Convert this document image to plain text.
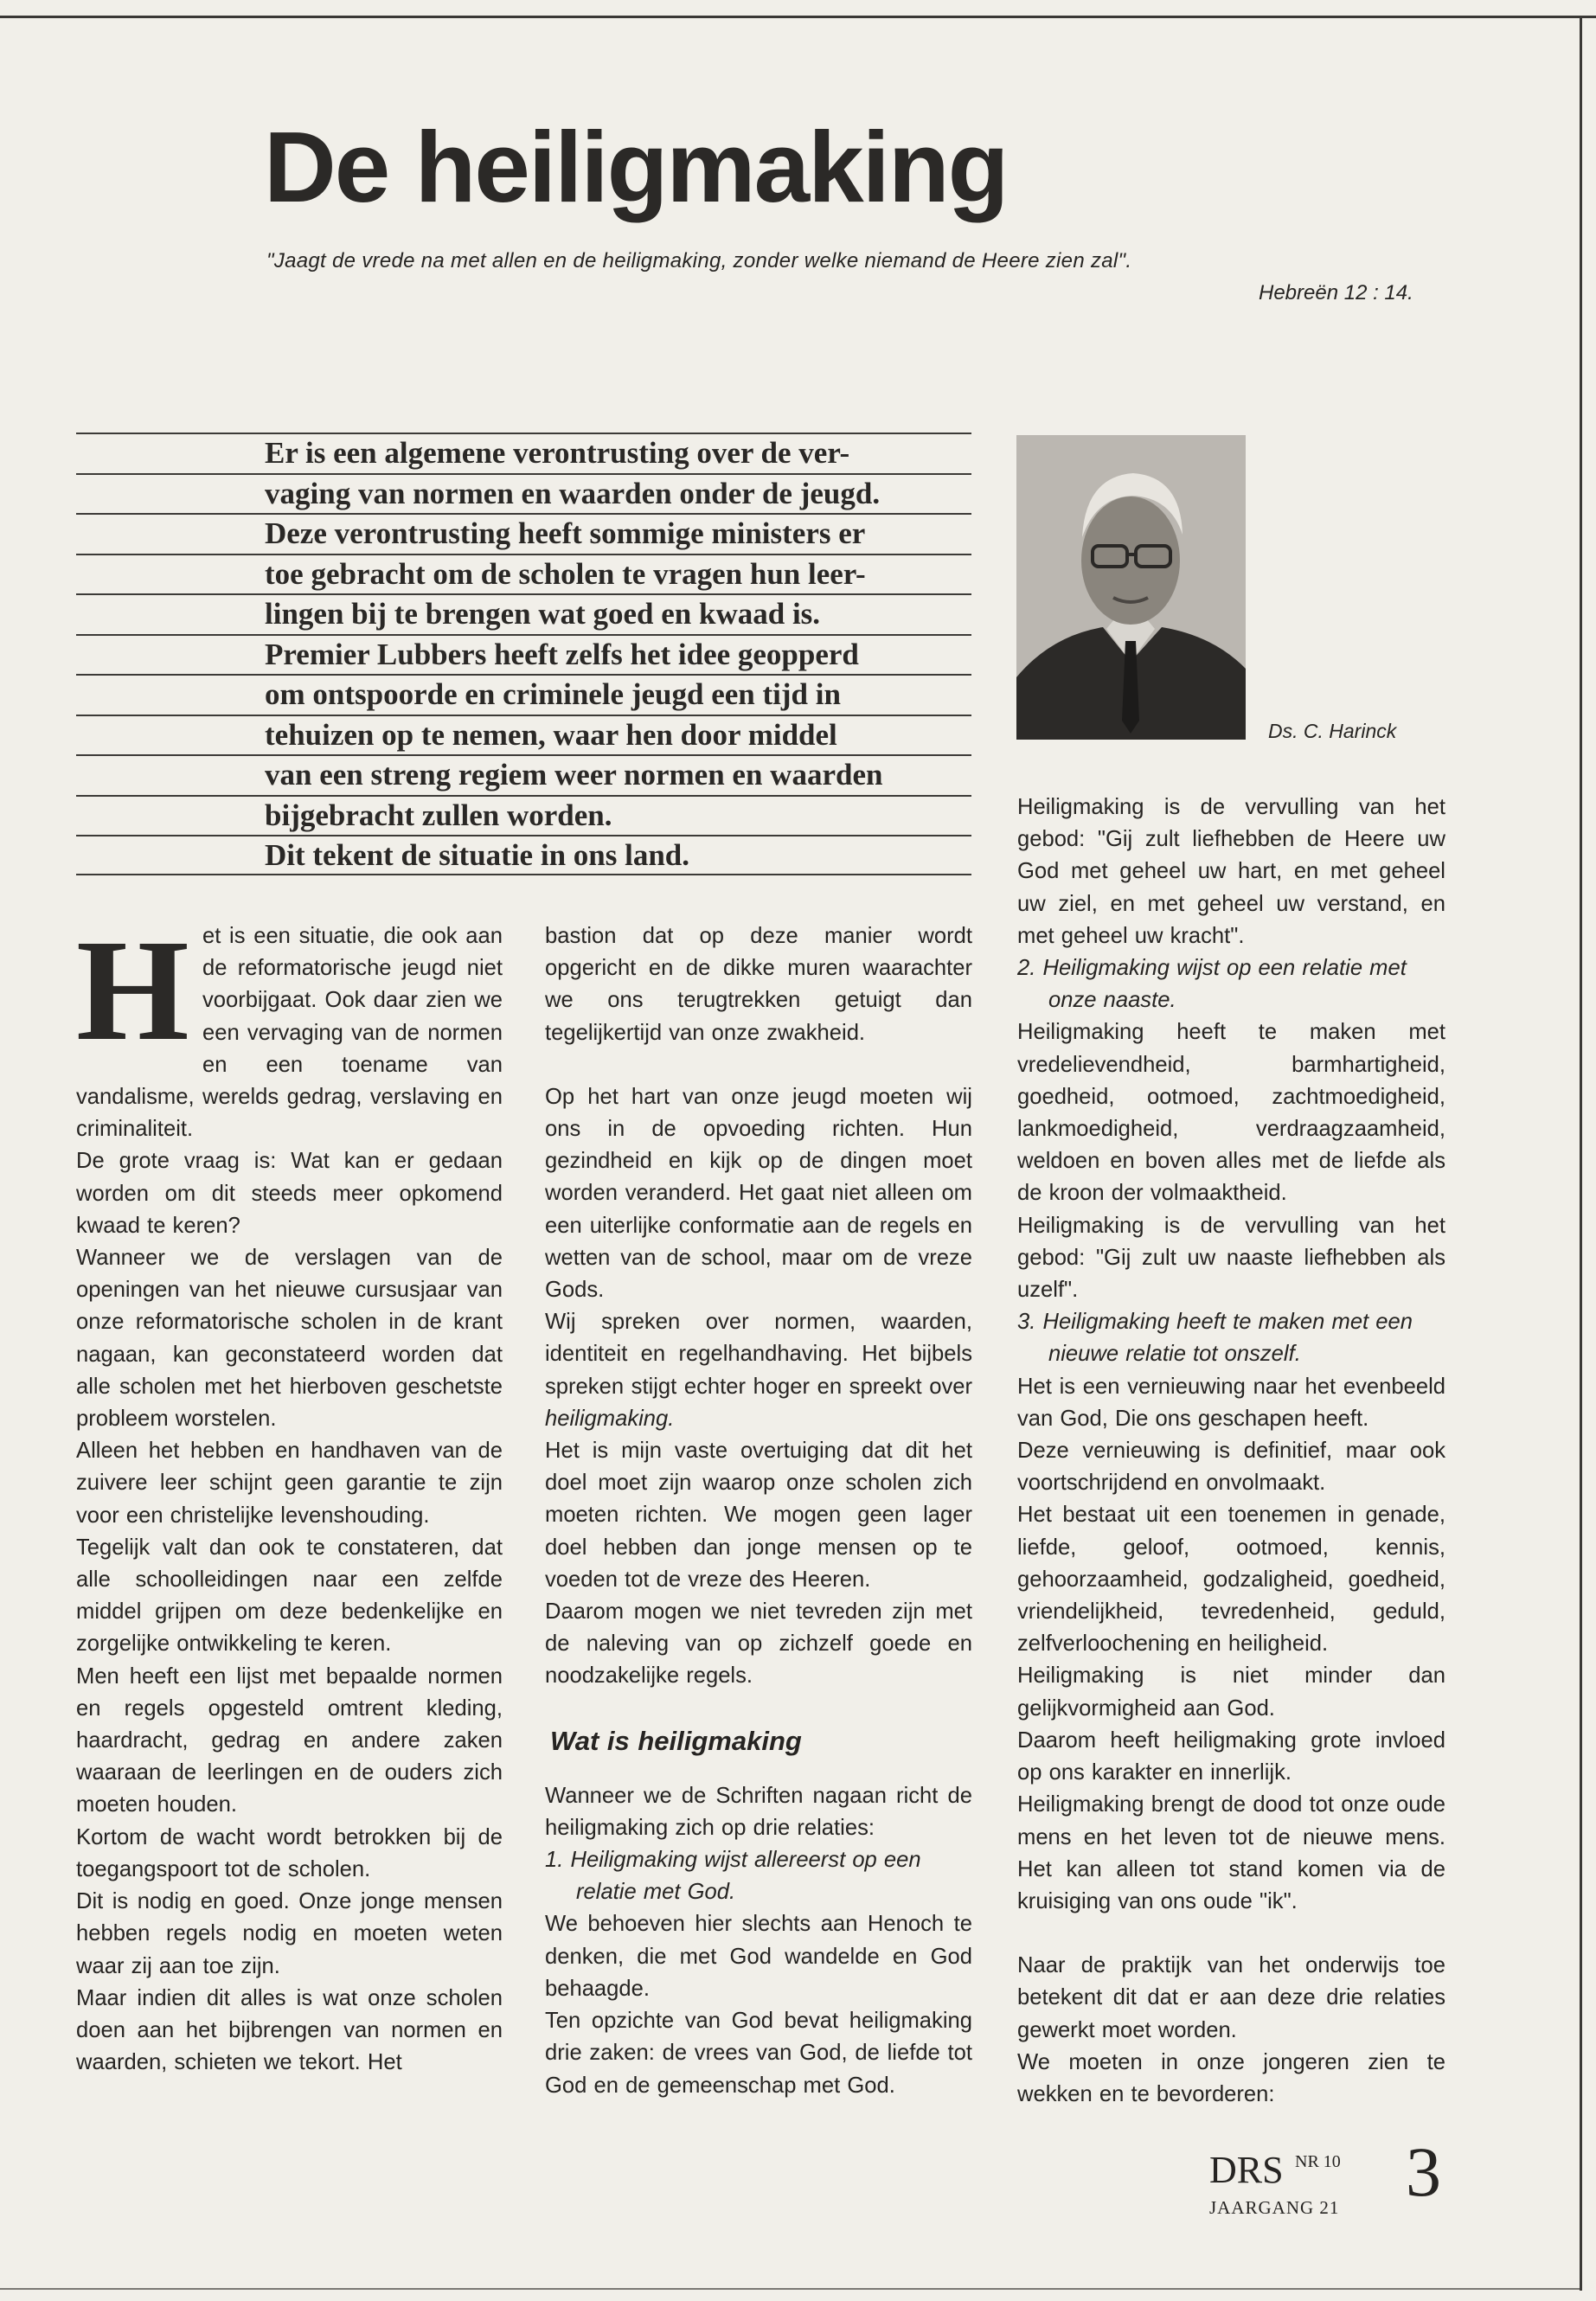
De heiligmaking

"Jaagt de vrede na met allen en de heiligmaking, zonder welke niemand de Heere zien zal".

Hebreën 12 : 14.

Er is een algemene verontrusting over de ver-
vaging van normen en waarden onder de jeugd.
Deze verontrusting heeft sommige ministers er
toe gebracht om de scholen te vragen hun leer-
lingen bij te brengen wat goed en kwaad is.
Premier Lubbers heeft zelfs het idee geopperd
om ontspoorde en criminele jeugd een tijd in
tehuizen op te nemen, waar hen door middel
van een streng regiem weer normen en waarden
bijgebracht zullen worden.
Dit tekent de situatie in ons land.

Ds. C. Harinck

H et is een situatie, die ook aan de reformatorische jeugd niet voorbijgaat. Ook daar zien we een vervaging van de normen en een toename van vandalisme, werelds gedrag, verslaving en criminaliteit.

De grote vraag is: Wat kan er gedaan worden om dit steeds meer opkomend kwaad te keren?

Wanneer we de verslagen van de openingen van het nieuwe cursusjaar van onze reformatorische scholen in de krant nagaan, kan geconstateerd worden dat alle scholen met het hierboven geschetste probleem worstelen.

Alleen het hebben en handhaven van de zuivere leer schijnt geen garantie te zijn voor een christelijke levenshouding.

Tegelijk valt dan ook te constateren, dat alle schoolleidingen naar een zelfde middel grijpen om deze bedenkelijke en zorgelijke ontwikkeling te keren.

Men heeft een lijst met bepaalde normen en regels opgesteld omtrent kleding, haardracht, gedrag en andere zaken waaraan de leerlingen en de ouders zich moeten houden.

Kortom de wacht wordt betrokken bij de toegangspoort tot de scholen.

Dit is nodig en goed. Onze jonge mensen hebben regels nodig en moeten weten waar zij aan toe zijn.

Maar indien dit alles is wat onze scholen doen aan het bijbrengen van normen en waarden, schieten we tekort. Het

bastion dat op deze manier wordt opgericht en de dikke muren waarachter we ons terugtrekken getuigt dan tegelijkertijd van onze zwakheid.

Op het hart van onze jeugd moeten wij ons in de opvoeding richten. Hun gezindheid en kijk op de dingen moet worden veranderd. Het gaat niet alleen om een uiterlijke conformatie aan de regels en wetten van de school, maar om de vreze Gods.

Wij spreken over normen, waarden, identiteit en regelhandhaving. Het bijbels spreken stijgt echter hoger en spreekt over heiligmaking.

Het is mijn vaste overtuiging dat dit het doel moet zijn waarop onze scholen zich moeten richten. We mogen geen lager doel hebben dan jonge mensen op te voeden tot de vreze des Heeren.

Daarom mogen we niet tevreden zijn met de naleving van op zichzelf goede en noodzakelijke regels.

Wat is heiligmaking

Wanneer we de Schriften nagaan richt de heiligmaking zich op drie relaties:

1. Heiligmaking wijst allereerst op een relatie met God.

We behoeven hier slechts aan Henoch te denken, die met God wandelde en God behaagde.

Ten opzichte van God bevat heiligmaking drie zaken: de vrees van God, de liefde tot God en de gemeenschap met God.

Heiligmaking is de vervulling van het gebod: "Gij zult liefhebben de Heere uw God met geheel uw hart, en met geheel uw ziel, en met geheel uw verstand, en met geheel uw kracht".

2. Heiligmaking wijst op een relatie met onze naaste.

Heiligmaking heeft te maken met vredelievendheid, barmhartigheid, goedheid, ootmoed, zachtmoedigheid, lankmoedigheid, verdraagzaamheid, weldoen en boven alles met de liefde als de kroon der volmaaktheid.

Heiligmaking is de vervulling van het gebod: "Gij zult uw naaste liefhebben als uzelf".

3. Heiligmaking heeft te maken met een nieuwe relatie tot onszelf.

Het is een vernieuwing naar het evenbeeld van God, Die ons geschapen heeft.

Deze vernieuwing is definitief, maar ook voortschrijdend en onvolmaakt.

Het bestaat uit een toenemen in genade, liefde, geloof, ootmoed, kennis, gehoorzaamheid, godzaligheid, goedheid, vriendelijkheid, tevredenheid, geduld, zelfverloochening en heiligheid.

Heiligmaking is niet minder dan gelijkvormigheid aan God.

Daarom heeft heiligmaking grote invloed op ons karakter en innerlijk.

Heiligmaking brengt de dood tot onze oude mens en het leven tot de nieuwe mens. Het kan alleen tot stand komen via de kruisiging van ons oude "ik".

Naar de praktijk van het onderwijs toe betekent dit dat er aan deze drie relaties gewerkt moet worden.

We moeten in onze jongeren zien te wekken en te bevorderen:

DRS NR 10

JAARGANG 21 3
